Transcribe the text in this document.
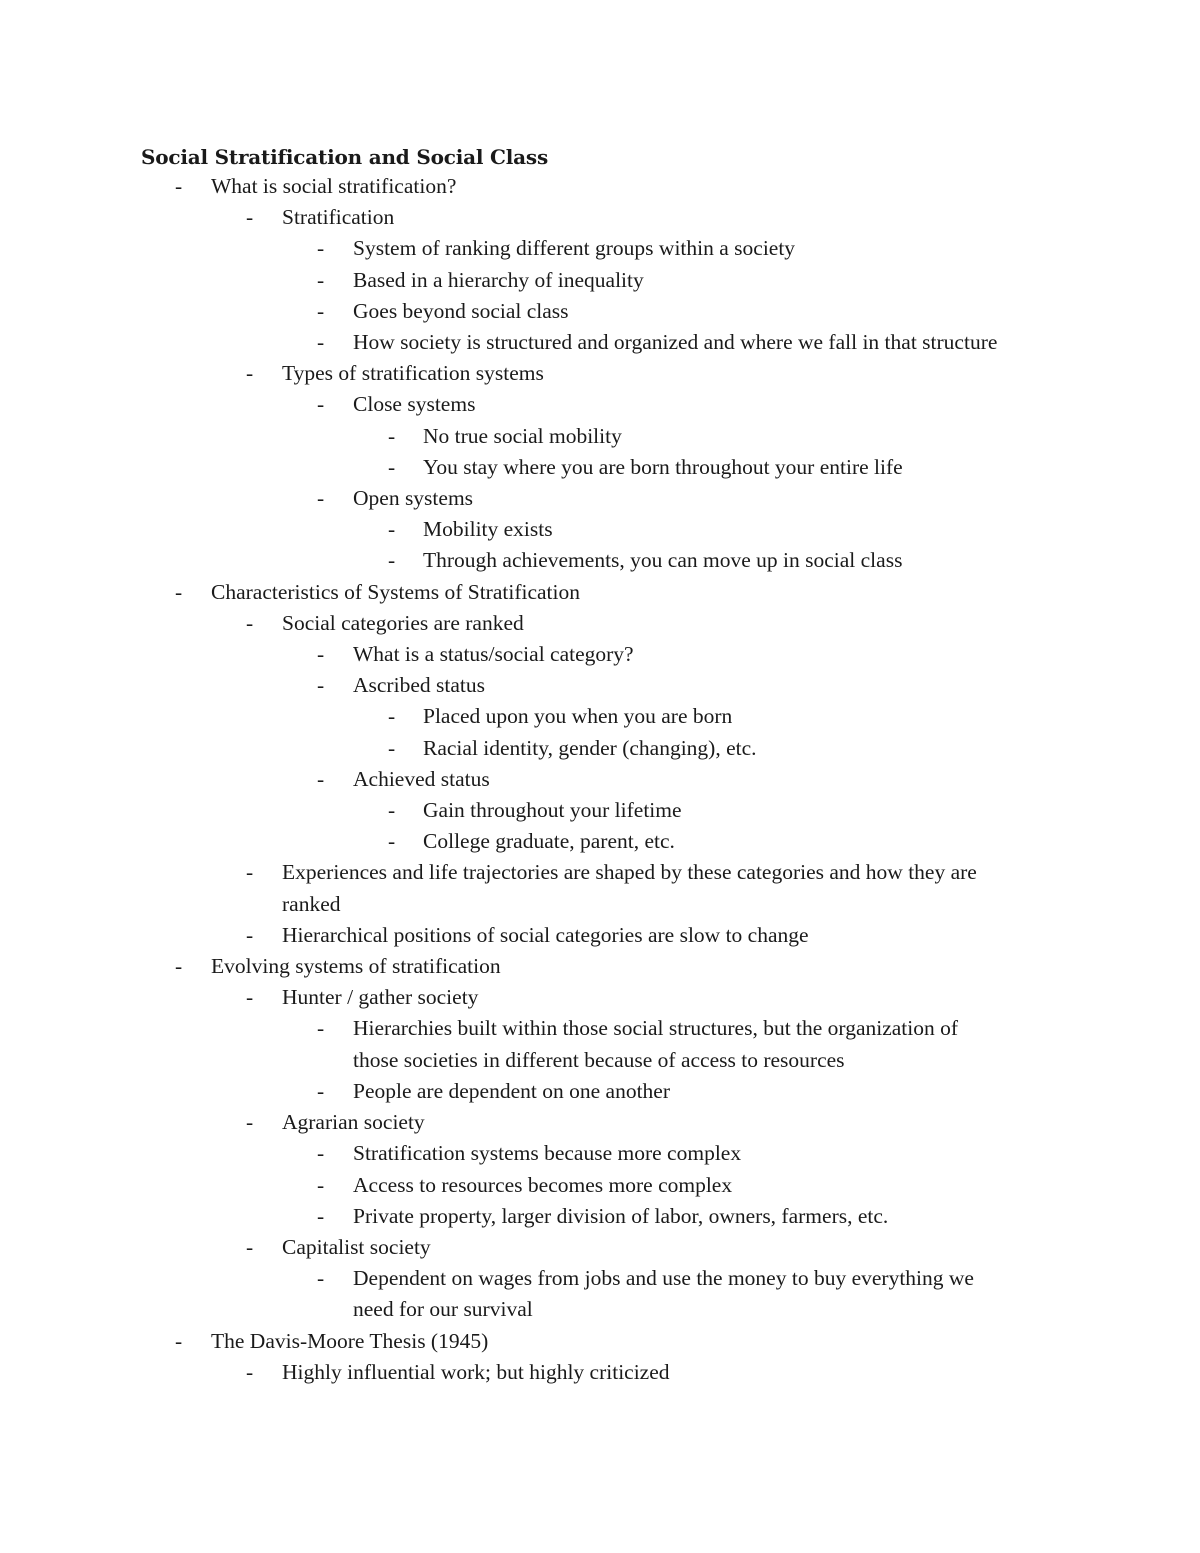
Social Stratification and Social Class
-	What is social stratification?
-	Stratification
-	System of ranking different groups within a society
-	Based in a hierarchy of inequality
-	Goes beyond social class
-	How society is structured and organized and where we fall in that structure
-	Types of stratification systems
-	Close systems
-	No true social mobility
-	You stay where you are born throughout your entire life
-	Open systems
-	Mobility exists
-	Through achievements, you can move up in social class
-	Characteristics of Systems of Stratification
-	Social categories are ranked
-	What is a status/social category?
-	Ascribed status
-	Placed upon you when you are born
-	Racial identity, gender (changing), etc.
-	Achieved status
-	Gain throughout your lifetime
-	College graduate, parent, etc.
-	Experiences and life trajectories are shaped by these categories and how they are
ranked
-	Hierarchical positions of social categories are slow to change
-	Evolving systems of stratification
-	Hunter / gather society
-	Hierarchies built within those social structures, but the organization of
those societies in different because of access to resources
-	People are dependent on one another
-	Agrarian society
-	Stratification systems because more complex
-	Access to resources becomes more complex
-	Private property, larger division of labor, owners, farmers, etc.
-	Capitalist society
-	Dependent on wages from jobs and use the money to buy everything we
need for our survival
-	The Davis-Moore Thesis (1945)
-	Highly influential work; but highly criticized
